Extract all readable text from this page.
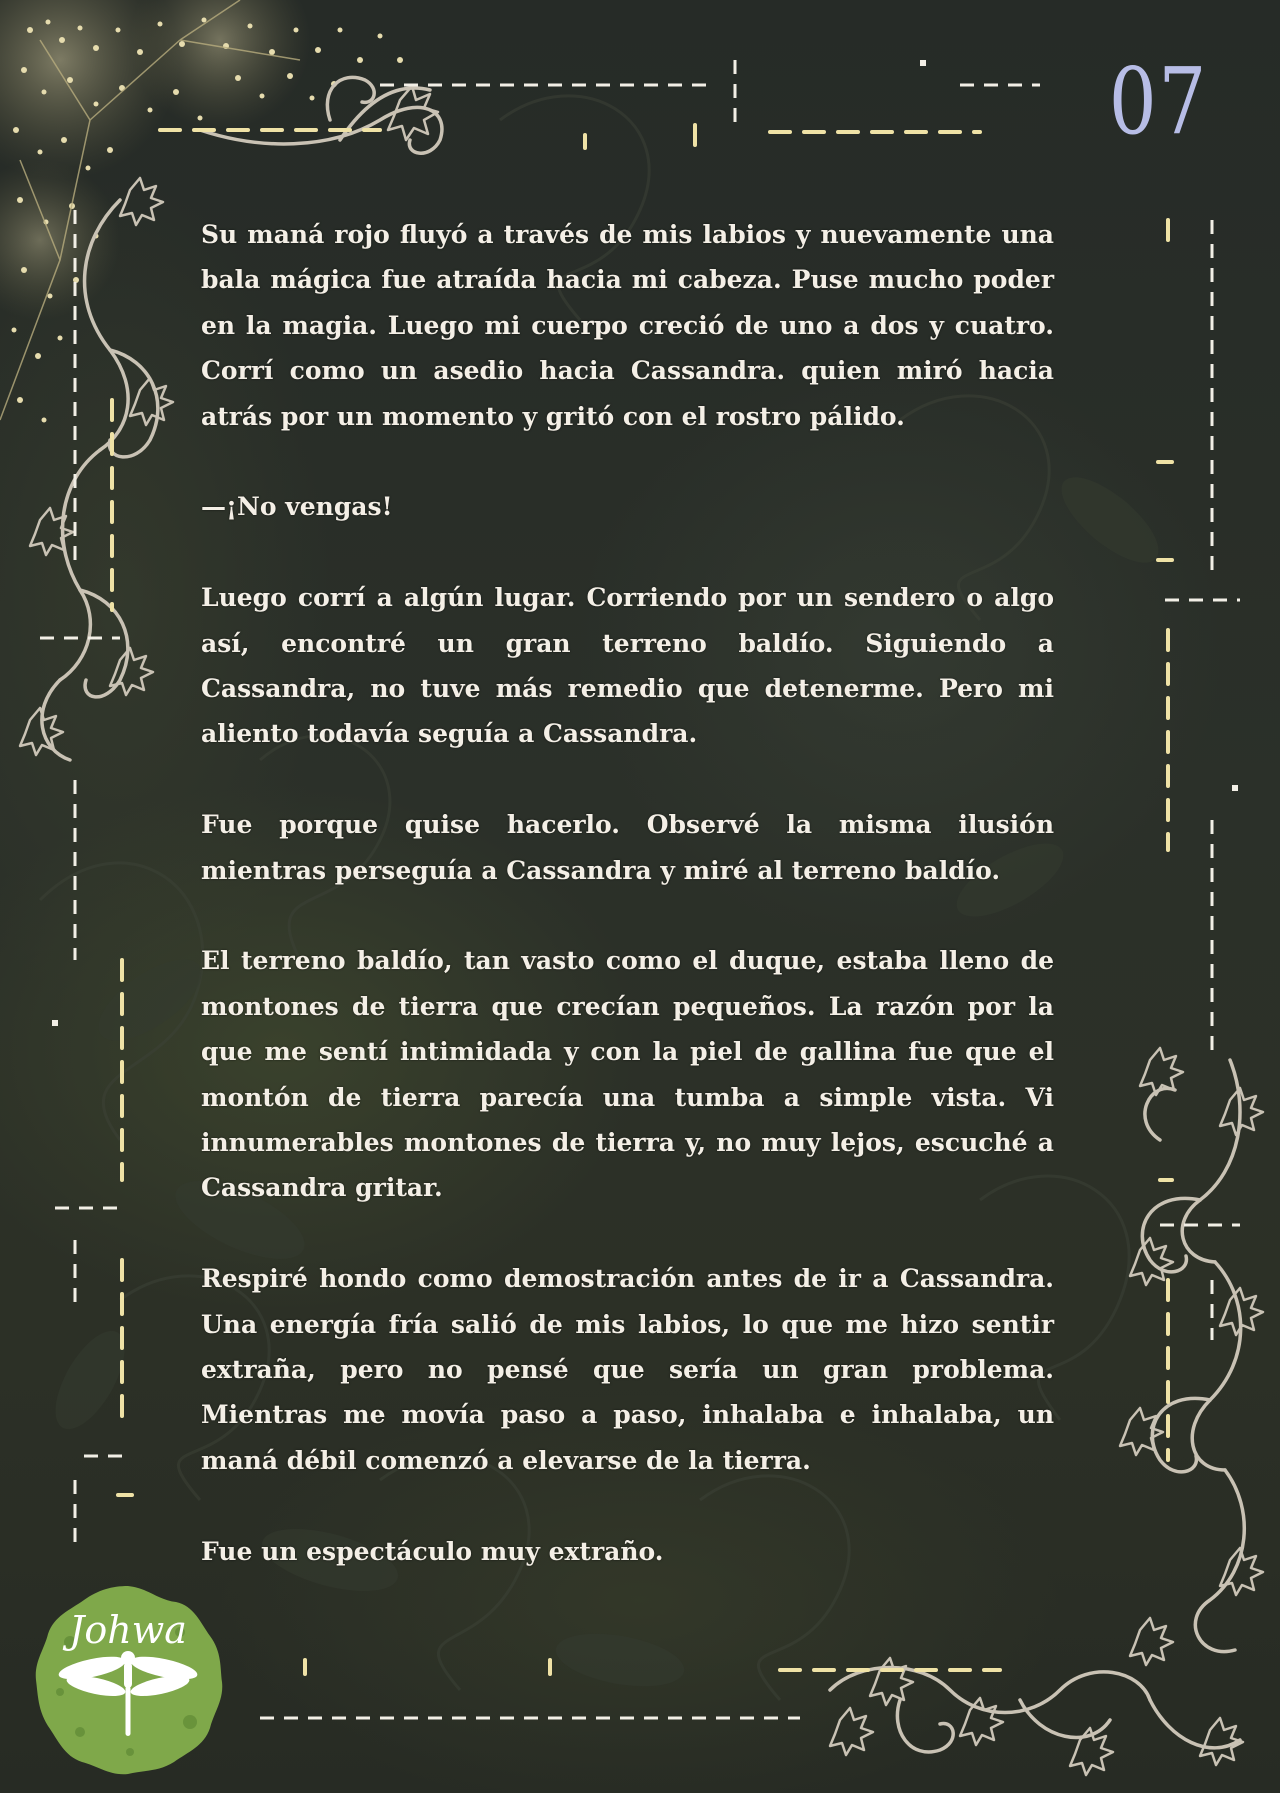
07

Su maná rojo fluyó a través de mis labios y nuevamente una bala mágica fue atraída hacia mi cabeza. Puse mucho poder en la magia. Luego mi cuerpo creció de uno a dos y cuatro. Corrí como un asedio hacia Cassandra. quien miró hacia atrás por un momento y gritó con el rostro pálido.

—¡No vengas!

Luego corrí a algún lugar. Corriendo por un sendero o algo así, encontré un gran terreno baldío. Siguiendo a Cassandra, no tuve más remedio que detenerme. Pero mi aliento todavía seguía a Cassandra.

Fue porque quise hacerlo. Observé la misma ilusión mientras perseguía a Cassandra y miré al terreno baldío.

El terreno baldío, tan vasto como el duque, estaba lleno de montones de tierra que crecían pequeños. La razón por la que me sentí intimidada y con la piel de gallina fue que el montón de tierra parecía una tumba a simple vista. Vi innumerables montones de tierra y, no muy lejos, escuché a Cassandra gritar.

Respiré hondo como demostración antes de ir a Cassandra. Una energía fría salió de mis labios, lo que me hizo sentir extraña, pero no pensé que sería un gran problema. Mientras me movía paso a paso, inhalaba e inhalaba, un maná débil comenzó a elevarse de la tierra.

Fue un espectáculo muy extraño.

Johwa
